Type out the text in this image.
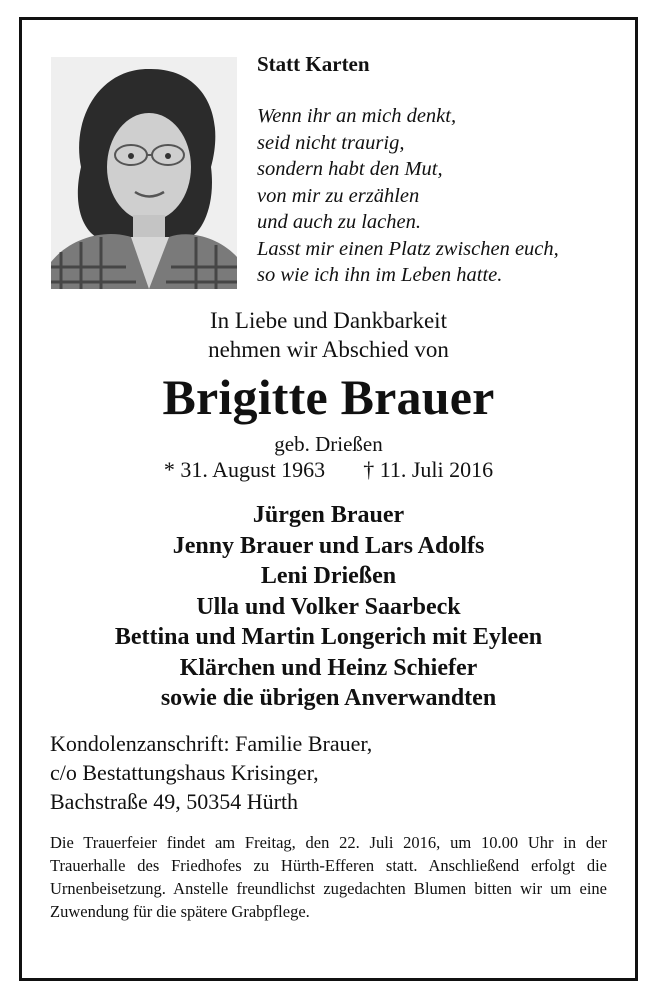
Statt Karten
Wenn ihr an mich denkt,
seid nicht traurig,
sondern habt den Mut,
von mir zu erzählen
und auch zu lachen.
Lasst mir einen Platz zwischen euch,
so wie ich ihn im Leben hatte.
In Liebe und Dankbarkeit
nehmen wir Abschied von
Brigitte Brauer
geb. Drießen
* 31. August 1963 † 11. Juli 2016
Jürgen Brauer
Jenny Brauer und Lars Adolfs
Leni Drießen
Ulla und Volker Saarbeck
Bettina und Martin Longerich mit Eyleen
Klärchen und Heinz Schiefer
sowie die übrigen Anverwandten
Kondolenzanschrift: Familie Brauer,
c/o Bestattungshaus Krisinger,
Bachstraße 49, 50354 Hürth
Die Trauerfeier findet am Freitag, den 22. Juli 2016, um 10.00 Uhr in der Trauerhalle des Friedhofes zu Hürth-Efferen statt. Anschließend erfolgt die Urnenbeisetzung. Anstelle freundlichst zugedachten Blumen bitten wir um eine Zuwendung für die spätere Grabpflege.
